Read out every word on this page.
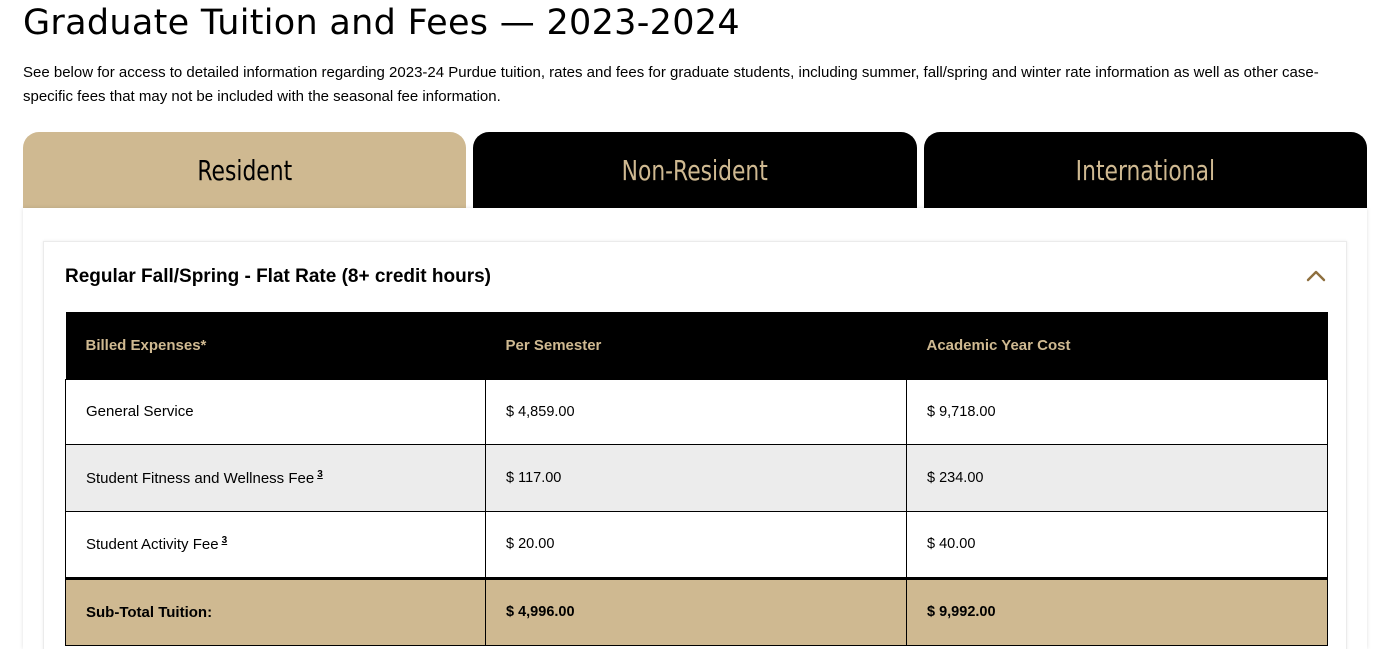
Graduate Tuition and Fees — 2023-2024

See below for access to detailed information regarding 2023-24 Purdue tuition, rates and fees for graduate students, including summer, fall/spring and winter rate information as well as other case-specific fees that may not be included with the seasonal fee information.

Resident	Non-Resident	International
Regular Fall/Spring - Flat Rate (8+ credit hours)
Billed Expenses*	Per Semester	Academic Year Cost
General Service	$ 4,859.00	$ 9,718.00
Student Fitness and Wellness Fee $^3$	$ 117.00	$ 234.00
Student Activity Fee $^3$	$ 20.00	$ 40.00
Sub-Total Tuition:	$ 4,996.00	$ 9,992.00
